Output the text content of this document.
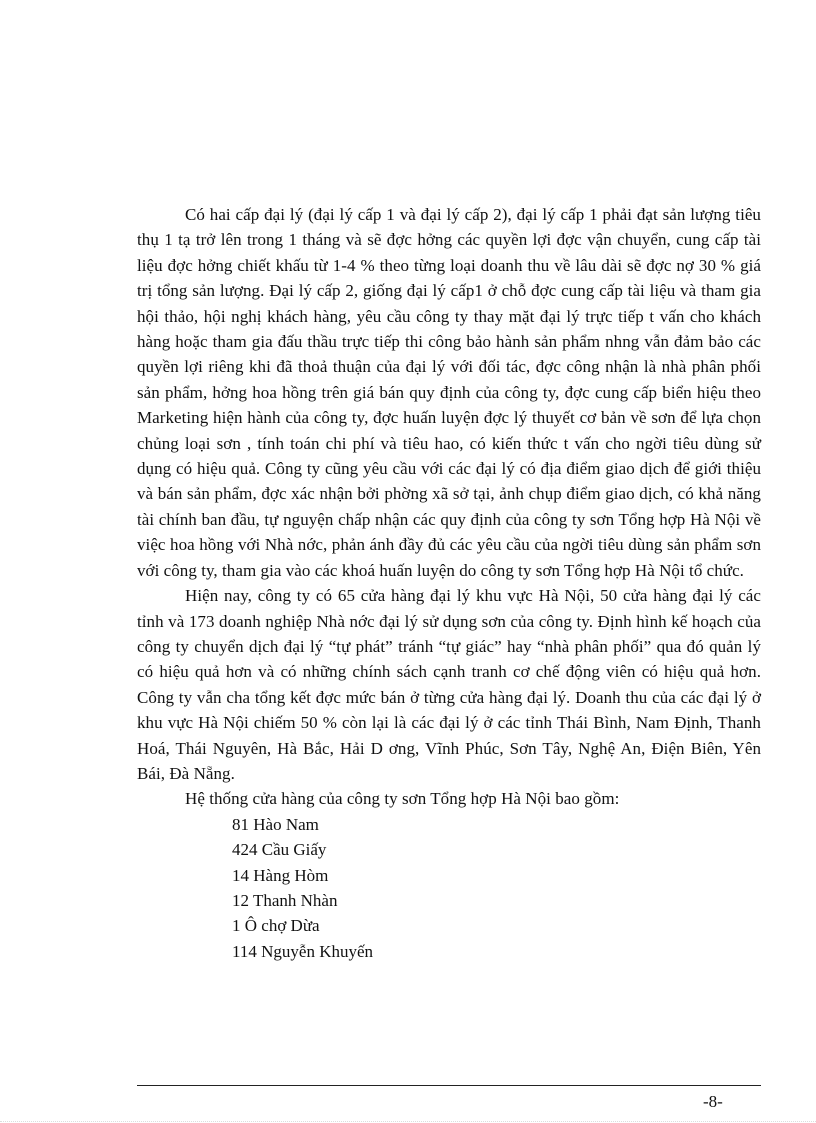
Có hai cấp đại lý (đại lý cấp 1 và đại lý cấp 2), đại lý cấp 1 phải đạt sản lượng tiêu thụ 1 tạ trở lên trong 1 tháng và sẽ đợc hởng các quyền lợi đợc vận chuyển, cung cấp tài liệu đợc hởng chiết khấu từ 1-4 % theo từng loại doanh thu về lâu dài sẽ đợc nợ 30 % giá trị tổng sản lượng. Đại lý cấp 2, giống đại lý cấp1 ở chỗ đợc cung cấp tài liệu và tham gia hội thảo, hội nghị khách hàng, yêu cầu công ty thay mặt đại lý trực tiếp t vấn cho khách hàng hoặc tham gia đấu thầu trực tiếp thi công bảo hành sản phẩm nhng vẫn đảm bảo các quyền lợi riêng khi đã thoả thuận của đại lý với đối tác, đợc công nhận là nhà phân phối sản phẩm, hởng hoa hồng trên giá bán quy định của công ty, đợc cung cấp biển hiệu theo Marketing hiện hành của công ty, đợc huấn luyện đợc lý thuyết cơ bản về sơn để lựa chọn chủng loại sơn , tính toán chi phí và tiêu hao, có kiến thức t vấn cho ngời tiêu dùng sử dụng có hiệu quả. Công ty cũng yêu cầu với các đại lý có địa điểm giao dịch để giới thiệu và bán sản phẩm, đợc xác nhận bởi phờng xã sở tại, ảnh chụp điểm giao dịch, có khả năng tài chính ban đầu, tự nguyện chấp nhận các quy định của công ty sơn Tổng hợp Hà Nội về việc hoa hồng với Nhà nớc, phản ánh đầy đủ các yêu cầu của ngời tiêu dùng sản phẩm sơn với công ty, tham gia vào các khoá huấn luyện do công ty sơn Tổng hợp Hà Nội tổ chức.

Hiện nay, công ty có 65 cửa hàng đại lý khu vực Hà Nội, 50 cửa hàng đại lý các tỉnh và 173 doanh nghiệp Nhà nớc đại lý sử dụng sơn của công ty. Định hình kế hoạch của công ty chuyển dịch đại lý “tự phát” tránh “tự giác” hay “nhà phân phối” qua đó quản lý có hiệu quả hơn và có những chính sách cạnh tranh cơ chế động viên có hiệu quả hơn. Công ty vẫn cha tổng kết đợc mức bán ở từng cửa hàng đại lý. Doanh thu của các đại lý ở khu vực Hà Nội chiếm 50 % còn lại là các đại lý ở các tỉnh Thái Bình, Nam Định, Thanh Hoá, Thái Nguyên, Hà Bắc, Hải D ơng, Vĩnh Phúc, Sơn Tây, Nghệ An, Điện Biên, Yên Bái, Đà Nẵng.

Hệ thống cửa hàng của công ty sơn Tổng hợp Hà Nội bao gồm:

81 Hào Nam
424 Cầu Giấy
14 Hàng Hòm
12 Thanh Nhàn
1 Ô chợ Dừa
114 Nguyễn Khuyến
-8-
